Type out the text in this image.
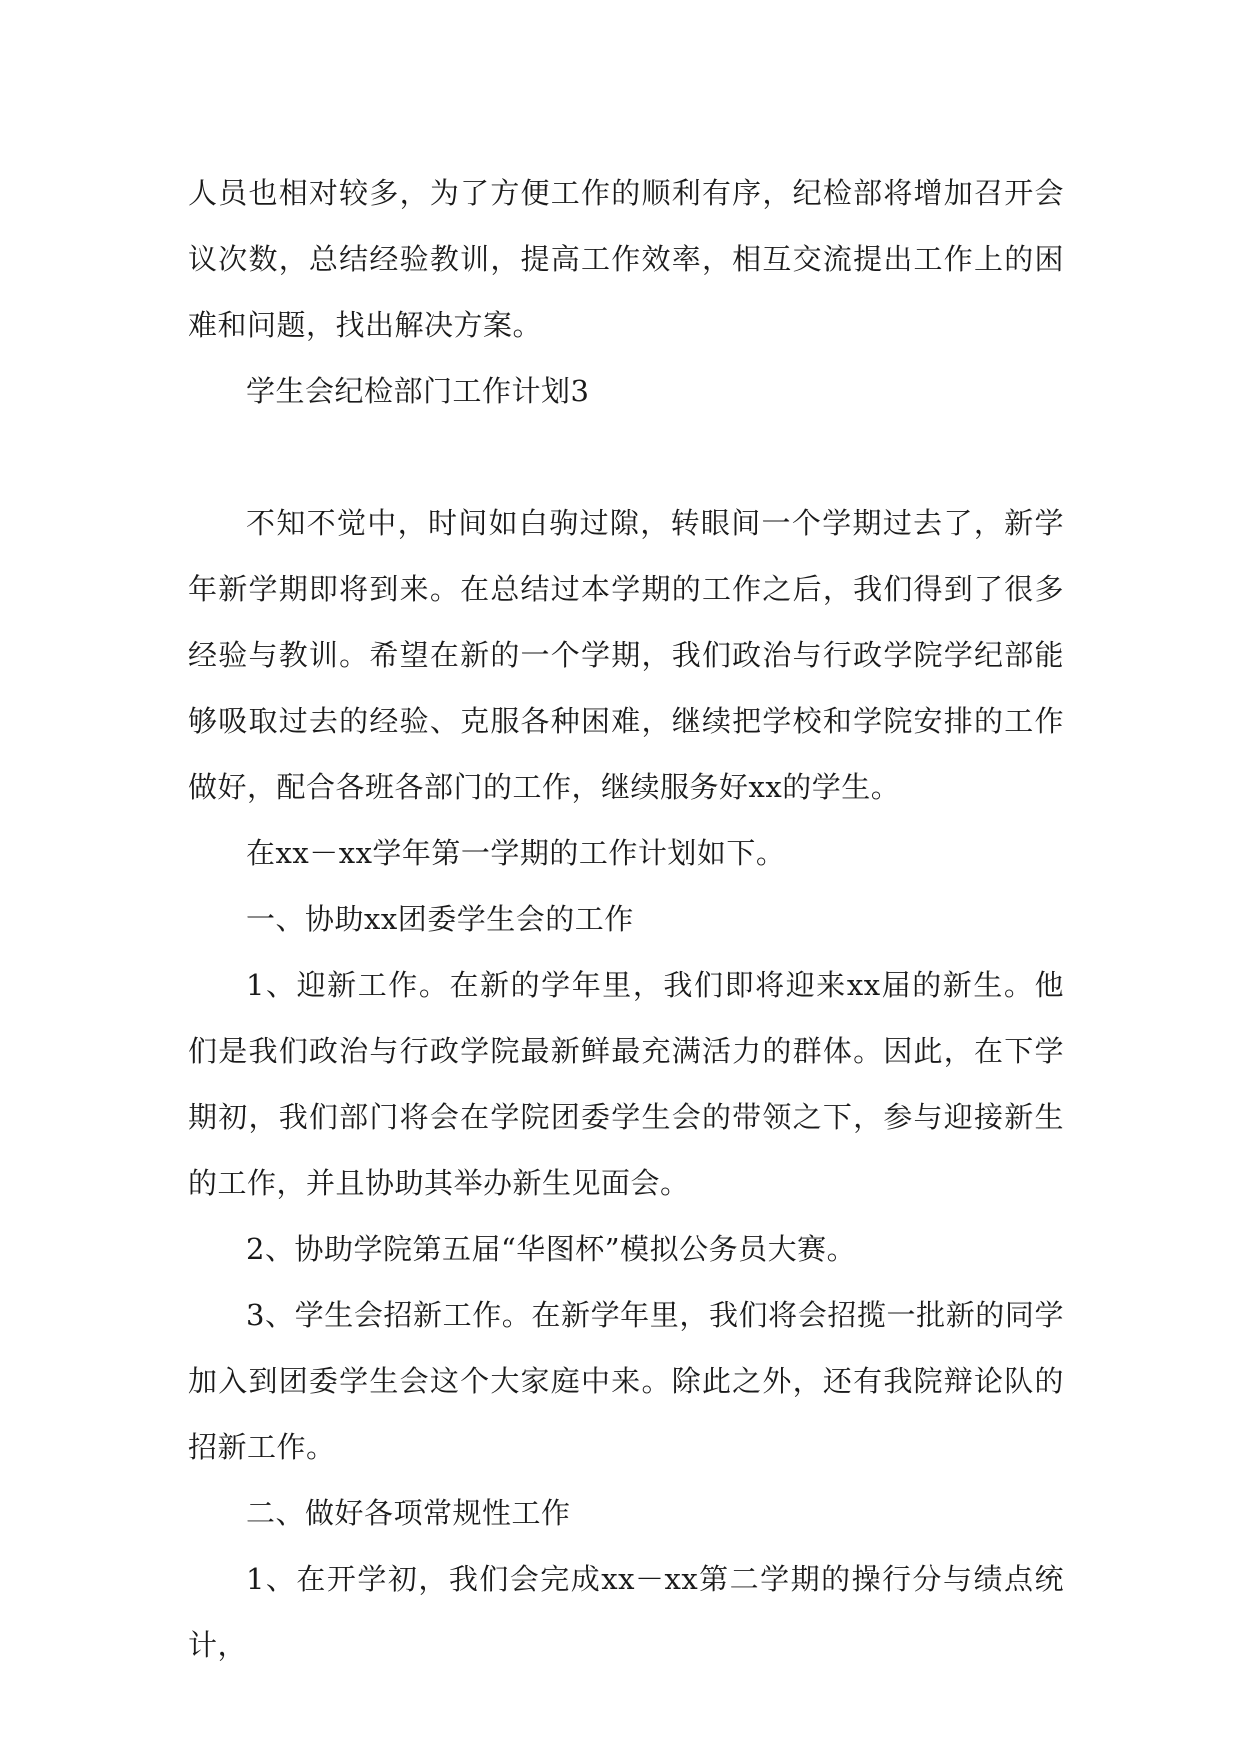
人员也相对较多，为了方便工作的顺利有序，纪检部将增加召开会议次数，总结经验教训，提高工作效率，相互交流提出工作上的困难和问题，找出解决方案。

学生会纪检部门工作计划3

不知不觉中，时间如白驹过隙，转眼间一个学期过去了，新学年新学期即将到来。在总结过本学期的工作之后，我们得到了很多经验与教训。希望在新的一个学期，我们政治与行政学院学纪部能够吸取过去的经验、克服各种困难，继续把学校和学院安排的工作做好，配合各班各部门的工作，继续服务好xx的学生。

在xx－xx学年第一学期的工作计划如下。

一、协助xx团委学生会的工作

1、迎新工作。在新的学年里，我们即将迎来xx届的新生。他们是我们政治与行政学院最新鲜最充满活力的群体。因此，在下学期初，我们部门将会在学院团委学生会的带领之下，参与迎接新生的工作，并且协助其举办新生见面会。

2、协助学院第五届“华图杯”模拟公务员大赛。

3、学生会招新工作。在新学年里，我们将会招揽一批新的同学加入到团委学生会这个大家庭中来。除此之外，还有我院辩论队的招新工作。

二、做好各项常规性工作

1、在开学初，我们会完成xx－xx第二学期的操行分与绩点统计，
